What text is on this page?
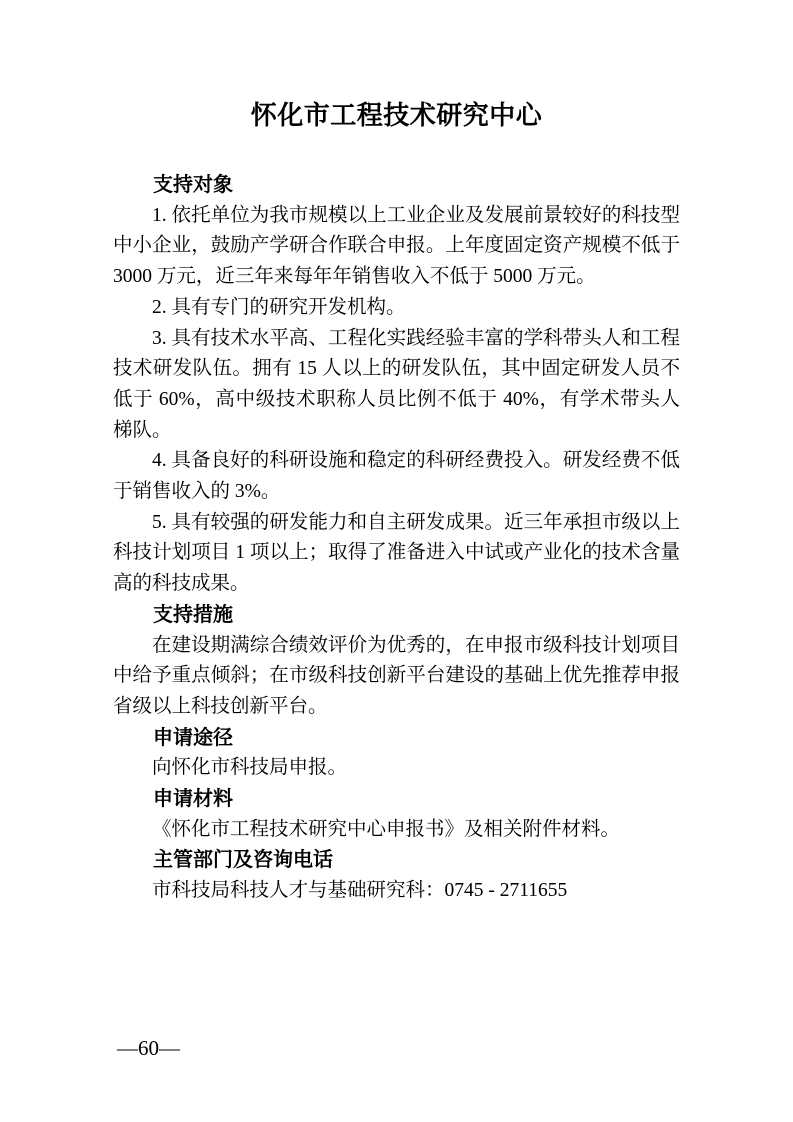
怀化市工程技术研究中心
支持对象

1. 依托单位为我市规模以上工业企业及发展前景较好的科技型中小企业，鼓励产学研合作联合申报。上年度固定资产规模不低于 3000 万元，近三年来每年年销售收入不低于 5000 万元。

2. 具有专门的研究开发机构。

3. 具有技术水平高、工程化实践经验丰富的学科带头人和工程技术研发队伍。拥有 15 人以上的研发队伍，其中固定研发人员不低于 60%，高中级技术职称人员比例不低于 40%，有学术带头人梯队。

4. 具备良好的科研设施和稳定的科研经费投入。研发经费不低于销售收入的 3%。

5. 具有较强的研发能力和自主研发成果。近三年承担市级以上科技计划项目 1 项以上；取得了准备进入中试或产业化的技术含量高的科技成果。

支持措施

在建设期满综合绩效评价为优秀的，在申报市级科技计划项目中给予重点倾斜；在市级科技创新平台建设的基础上优先推荐申报省级以上科技创新平台。

申请途径

向怀化市科技局申报。

申请材料

《怀化市工程技术研究中心申报书》及相关附件材料。

主管部门及咨询电话

市科技局科技人才与基础研究科：0745 - 2711655

—60—
